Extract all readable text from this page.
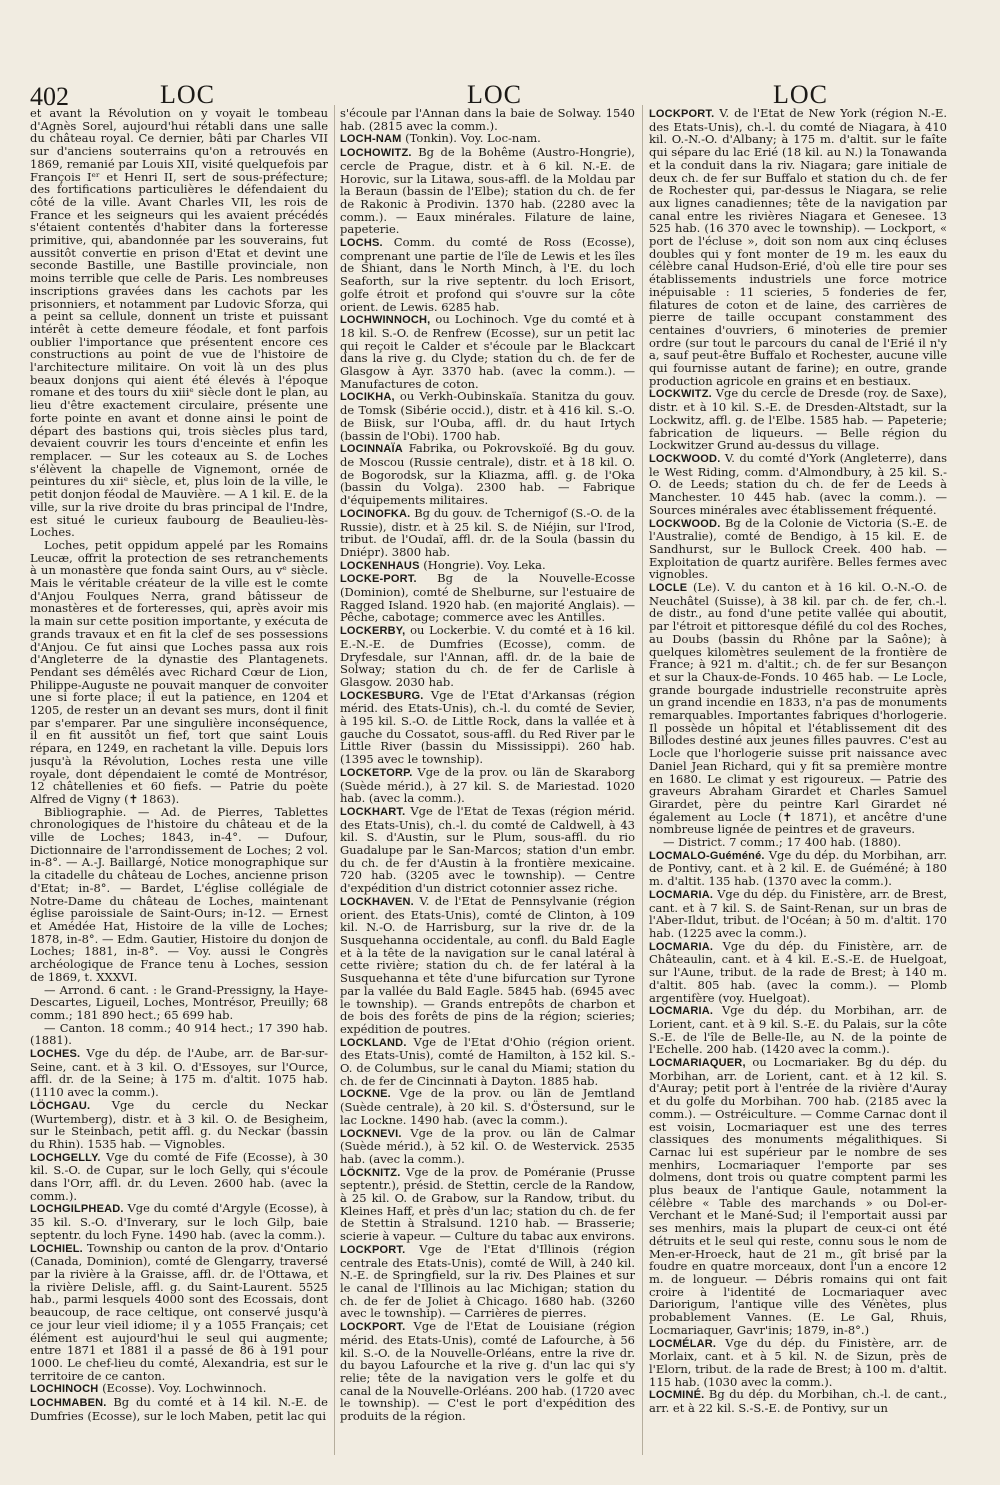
402	LOC	LOC	LOC

et avant la Révolution on y voyait le tombeau d'Agnès Sorel, aujourd'hui rétabli dans une salle du château royal. Ce dernier, bâti par Charles VII sur d'anciens souterrains qu'on a retrouvés en 1869, remanié par Louis XII, visité quelquefois par François Iᵉʳ et Henri II, sert de sous-préfecture; des fortifications particulières le défendaient du côté de la ville. Avant Charles VII, les rois de France et les seigneurs qui les avaient précédés s'étaient contentés d'habiter dans la forteresse primitive, qui, abandonnée par les souverains, fut aussitôt convertie en prison d'Etat et devint une seconde Bastille, une Bastille provinciale, non moins terrible que celle de Paris. Les nombreuses inscriptions gravées dans les cachots par les prisonniers, et notamment par Ludovic Sforza, qui a peint sa cellule, donnent un triste et puissant intérêt à cette demeure féodale, et font parfois oublier l'importance que présentent encore ces constructions au point de vue de l'histoire de l'architecture militaire. On voit là un des plus beaux donjons qui aient été élevés à l'époque romane et des tours du xiiiᵉ siècle dont le plan, au lieu d'être exactement circulaire, présente une forte pointe en avant et donne ainsi le point de départ des bastions qui, trois siècles plus tard, devaient couvrir les tours d'enceinte et enfin les remplacer. — Sur les coteaux au S. de Loches s'élèvent la chapelle de Vignemont, ornée de peintures du xiiᵉ siècle, et, plus loin de la ville, le petit donjon féodal de Mauvière. — A 1 kil. E. de la ville, sur la rive droite du bras principal de l'Indre, est situé le curieux faubourg de Beaulieu-lès-Loches.

Loches, petit oppidum appelé par les Romains Leucæ, offrit la protection de ses retranchements à un monastère que fonda saint Ours, au vᵉ siècle. Mais le véritable créateur de la ville est le comte d'Anjou Foulques Nerra, grand bâtisseur de monastères et de forteresses, qui, après avoir mis la main sur cette position importante, y exécuta de grands travaux et en fit la clef de ses possessions d'Anjou. Ce fut ainsi que Loches passa aux rois d'Angleterre de la dynastie des Plantagenets. Pendant ses démêlés avec Richard Cœur de Lion, Philippe-Auguste ne pouvait manquer de convoiter une si forte place; il eut la patience, en 1204 et 1205, de rester un an devant ses murs, dont il finit par s'emparer. Par une singulière inconséquence, il en fit aussitôt un fief, tort que saint Louis répara, en 1249, en rachetant la ville. Depuis lors jusqu'à la Révolution, Loches resta une ville royale, dont dépendaient le comté de Montrésor, 12 châtellenies et 60 fiefs. — Patrie du poète Alfred de Vigny (✝ 1863).

Bibliographie. — Ad. de Pierres, Tablettes chronologiques de l'histoire du château et de la ville de Loches; 1843, in-4°. — Dufour, Dictionnaire de l'arrondissement de Loches; 2 vol. in-8°. — A.-J. Baillargé, Notice monographique sur la citadelle du château de Loches, ancienne prison d'Etat; in-8°. — Bardet, L'église collégiale de Notre-Dame du château de Loches, maintenant église paroissiale de Saint-Ours; in-12. — Ernest et Amédée Hat, Histoire de la ville de Loches; 1878, in-8°. — Edm. Gautier, Histoire du donjon de Loches; 1881, in-8°. — Voy. aussi le Congrès archéologique de France tenu à Loches, session de 1869, t. XXXVI.

— Arrond. 6 cant. : le Grand-Pressigny, la Haye-Descartes, Ligueil, Loches, Montrésor, Preuilly; 68 comm.; 181 890 hect.; 65 699 hab.

— Canton. 18 comm.; 40 914 hect.; 17 390 hab. (1881).

LOCHES. Vge du dép. de l'Aube, arr. de Bar-sur-Seine, cant. et à 3 kil. O. d'Essoyes, sur l'Ource, affl. dr. de la Seine; à 175 m. d'altit. 1075 hab. (1110 avec la comm.).

LÖCHGAU. Vge du cercle du Neckar (Wurtemberg), distr. et à 3 kil. O. de Besigheim, sur le Steinbach, petit affl. g. du Neckar (bassin du Rhin). 1535 hab. — Vignobles.

LOCHGELLY. Vge du comté de Fife (Ecosse), à 30 kil. S.-O. de Cupar, sur le loch Gelly, qui s'écoule dans l'Orr, affl. dr. du Leven. 2600 hab. (avec la comm.).

LOCHGILPHEAD. Vge du comté d'Argyle (Ecosse), à 35 kil. S.-O. d'Inverary, sur le loch Gilp, baie septentr. du loch Fyne. 1490 hab. (avec la comm.).

LOCHIEL. Township ou canton de la prov. d'Ontario (Canada, Dominion), comté de Glengarry, traversé par la rivière à la Graisse, affl. dr. de l'Ottawa, et la rivière Delisle, affl. g. du Saint-Laurent. 5525 hab., parmi lesquels 4000 sont des Ecossais, dont beaucoup, de race celtique, ont conservé jusqu'à ce jour leur vieil idiome; il y a 1055 Français; cet élément est aujourd'hui le seul qui augmente; entre 1871 et 1881 il a passé de 86 à 191 pour 1000. Le chef-lieu du comté, Alexandria, est sur le territoire de ce canton.

LOCHINOCH (Ecosse). Voy. Lochwinnoch.

LOCHMABEN. Bg du comté et à 14 kil. N.-E. de Dumfries (Ecosse), sur le loch Maben, petit lac qui

s'écoule par l'Annan dans la baie de Solway. 1540 hab. (2815 avec la comm.).

LOCH-NAM (Tonkin). Voy. Loc-nam.

LOCHOWITZ. Bg de la Bohême (Austro-Hongrie), cercle de Prague, distr. et à 6 kil. N.-E. de Horovic, sur la Litawa, sous-affl. de la Moldau par la Beraun (bassin de l'Elbe); station du ch. de fer de Rakonic à Prodivin. 1370 hab. (2280 avec la comm.). — Eaux minérales. Filature de laine, papeterie.

LOCHS. Comm. du comté de Ross (Ecosse), comprenant une partie de l'île de Lewis et les îles de Shiant, dans le North Minch, à l'E. du loch Seaforth, sur la rive septentr. du loch Erisort, golfe étroit et profond qui s'ouvre sur la côte orient. de Lewis. 6285 hab.

LOCHWINNOCH, ou Lochinoch. Vge du comté et à 18 kil. S.-O. de Renfrew (Ecosse), sur un petit lac qui reçoit le Calder et s'écoule par le Blackcart dans la rive g. du Clyde; station du ch. de fer de Glasgow à Ayr. 3370 hab. (avec la comm.). — Manufactures de coton.

LOCIKHA, ou Verkh-Oubinskaïa. Stanitza du gouv. de Tomsk (Sibérie occid.), distr. et à 416 kil. S.-O. de Biisk, sur l'Ouba, affl. dr. du haut Irtych (bassin de l'Obi). 1700 hab.

LOCINNAÏA Fabrika, ou Pokrovskoïé. Bg du gouv. de Moscou (Russie centrale), distr. et à 18 kil. O. de Bogorodsk, sur la Kliazma, affl. g. de l'Oka (bassin du Volga). 2300 hab. — Fabrique d'équipements militaires.

LOCINOFKA. Bg du gouv. de Tchernigof (S.-O. de la Russie), distr. et à 25 kil. S. de Niéjin, sur l'Irod, tribut. de l'Oudaï, affl. dr. de la Soula (bassin du Dniépr). 3800 hab.

LOCKENHAUS (Hongrie). Voy. Leka.

LOCKE-PORT. Bg de la Nouvelle-Ecosse (Dominion), comté de Shelburne, sur l'estuaire de Ragged Island. 1920 hab. (en majorité Anglais). — Pêche, cabotage; commerce avec les Antilles.

LOCKERBY, ou Lockerbie. V. du comté et à 16 kil. E.-N.-E. de Dumfries (Ecosse), comm. de Dryfesdale, sur l'Annan, affl. dr. de la baie de Solway; station du ch. de fer de Carlisle à Glasgow. 2030 hab.

LOCKESBURG. Vge de l'Etat d'Arkansas (région mérid. des Etats-Unis), ch.-l. du comté de Sevier, à 195 kil. S.-O. de Little Rock, dans la vallée et à gauche du Cossatot, sous-affl. du Red River par le Little River (bassin du Mississippi). 260 hab. (1395 avec le township).

LOCKETORP. Vge de la prov. ou län de Skaraborg (Suède mérid.), à 27 kil. S. de Mariestad. 1020 hab. (avec la comm.).

LOCKHART. Vge de l'Etat de Texas (région mérid. des Etats-Unis), ch.-l. du comté de Caldwell, à 43 kil. S. d'Austin, sur le Plum, sous-affl. du rio Guadalupe par le San-Marcos; station d'un embr. du ch. de fer d'Austin à la frontière mexicaine. 720 hab. (3205 avec le township). — Centre d'expédition d'un district cotonnier assez riche.

LOCKHAVEN. V. de l'Etat de Pennsylvanie (région orient. des Etats-Unis), comté de Clinton, à 109 kil. N.-O. de Harrisburg, sur la rive dr. de la Susquehanna occidentale, au confl. du Bald Eagle et à la tête de la navigation sur le canal latéral à cette rivière; station du ch. de fer latéral à la Susquehanna et tête d'une bifurcation sur Tyrone par la vallée du Bald Eagle. 5845 hab. (6945 avec le township). — Grands entrepôts de charbon et de bois des forêts de pins de la région; scieries; expédition de poutres.

LOCKLAND. Vge de l'Etat d'Ohio (région orient. des Etats-Unis), comté de Hamilton, à 152 kil. S.-O. de Columbus, sur le canal du Miami; station du ch. de fer de Cincinnati à Dayton. 1885 hab.

LOCKNE. Vge de la prov. ou län de Jemtland (Suède centrale), à 20 kil. S. d'Östersund, sur le lac Lockne. 1490 hab. (avec la comm.).

LOCKNEVI. Vge de la prov. ou län de Calmar (Suède mérid.), à 52 kil. O. de Westervick. 2535 hab. (avec la comm.).

LÖCKNITZ. Vge de la prov. de Poméranie (Prusse septentr.), présid. de Stettin, cercle de la Randow, à 25 kil. O. de Grabow, sur la Randow, tribut. du Kleines Haff, et près d'un lac; station du ch. de fer de Stettin à Stralsund. 1210 hab. — Brasserie; scierie à vapeur. — Culture du tabac aux environs.

LOCKPORT. Vge de l'Etat d'Illinois (région centrale des Etats-Unis), comté de Will, à 240 kil. N.-E. de Springfield, sur la riv. Des Plaines et sur le canal de l'Illinois au lac Michigan; station du ch. de fer de Joliet à Chicago. 1680 hab. (3260 avec le township). — Carrières de pierres.

LOCKPORT. Vge de l'Etat de Louisiane (région mérid. des Etats-Unis), comté de Lafourche, à 56 kil. S.-O. de la Nouvelle-Orléans, entre la rive dr. du bayou Lafourche et la rive g. d'un lac qui s'y relie; tête de la navigation vers le golfe et du canal de la Nouvelle-Orléans. 200 hab. (1720 avec le township). — C'est le port d'expédition des produits de la région.

LOCKPORT. V. de l'Etat de New York (région N.-E. des Etats-Unis), ch.-l. du comté de Niagara, à 410 kil. O.-N.-O. d'Albany; à 175 m. d'altit. sur le faîte qui sépare du lac Erié (18 kil. au N.) la Tonawanda et la conduit dans la riv. Niagara; gare initiale de deux ch. de fer sur Buffalo et station du ch. de fer de Rochester qui, par-dessus le Niagara, se relie aux lignes canadiennes; tête de la navigation par canal entre les rivières Niagara et Genesee. 13 525 hab. (16 370 avec le township). — Lockport, « port de l'écluse », doit son nom aux cinq écluses doubles qui y font monter de 19 m. les eaux du célèbre canal Hudson-Erié, d'où elle tire pour ses établissements industriels une force motrice inépuisable : 11 scieries, 5 fonderies de fer, filatures de coton et de laine, des carrières de pierre de taille occupant constamment des centaines d'ouvriers, 6 minoteries de premier ordre (sur tout le parcours du canal de l'Erié il n'y a, sauf peut-être Buffalo et Rochester, aucune ville qui fournisse autant de farine); en outre, grande production agricole en grains et en bestiaux.

LOCKWITZ. Vge du cercle de Dresde (roy. de Saxe), distr. et à 10 kil. S.-E. de Dresden-Altstadt, sur la Lockwitz, affl. g. de l'Elbe. 1585 hab. — Papeterie; fabrication de liqueurs. — Belle région du Lockwitzer Grund au-dessus du village.

LOCKWOOD. V. du comté d'York (Angleterre), dans le West Riding, comm. d'Almondbury, à 25 kil. S.-O. de Leeds; station du ch. de fer de Leeds à Manchester. 10 445 hab. (avec la comm.). — Sources minérales avec établissement fréquenté.

LOCKWOOD. Bg de la Colonie de Victoria (S.-E. de l'Australie), comté de Bendigo, à 15 kil. E. de Sandhurst, sur le Bullock Creek. 400 hab. — Exploitation de quartz aurifère. Belles fermes avec vignobles.

LOCLE (Le). V. du canton et à 16 kil. O.-N.-O. de Neuchâtel (Suisse), à 38 kil. par ch. de fer, ch.-l. de distr., au fond d'une petite vallée qui aboutit, par l'étroit et pittoresque défilé du col des Roches, au Doubs (bassin du Rhône par la Saône); à quelques kilomètres seulement de la frontière de France; à 921 m. d'altit.; ch. de fer sur Besançon et sur la Chaux-de-Fonds. 10 465 hab. — Le Locle, grande bourgade industrielle reconstruite après un grand incendie en 1833, n'a pas de monuments remarquables. Importantes fabriques d'horlogerie. Il possède un hôpital et l'établissement dit des Billodes destiné aux jeunes filles pauvres. C'est au Locle que l'horlogerie suisse prit naissance avec Daniel Jean Richard, qui y fit sa première montre en 1680. Le climat y est rigoureux. — Patrie des graveurs Abraham Girardet et Charles Samuel Girardet, père du peintre Karl Girardet né également au Locle (✝ 1871), et ancêtre d'une nombreuse lignée de peintres et de graveurs.

— District. 7 comm.; 17 400 hab. (1880).

LOCMALO-Guéméné. Vge du dép. du Morbihan, arr. de Pontivy, cant. et à 2 kil. E. de Guéméné; à 180 m. d'altit. 135 hab. (1370 avec la comm.).

LOCMARIA. Vge du dép. du Finistère, arr. de Brest, cant. et à 7 kil. S. de Saint-Renan, sur un bras de l'Aber-Ildut, tribut. de l'Océan; à 50 m. d'altit. 170 hab. (1225 avec la comm.).

LOCMARIA. Vge du dép. du Finistère, arr. de Châteaulin, cant. et à 4 kil. E.-S.-E. de Huelgoat, sur l'Aune, tribut. de la rade de Brest; à 140 m. d'altit. 805 hab. (avec la comm.). — Plomb argentifère (voy. Huelgoat).

LOCMARIA. Vge du dép. du Morbihan, arr. de Lorient, cant. et à 9 kil. S.-E. du Palais, sur la côte S.-E. de l'île de Belle-Ile, au N. de la pointe de l'Echelle. 200 hab. (1420 avec la comm.).

LOCMARIAQUER, ou Locmariaker. Bg du dép. du Morbihan, arr. de Lorient, cant. et à 12 kil. S. d'Auray; petit port à l'entrée de la rivière d'Auray et du golfe du Morbihan. 700 hab. (2185 avec la comm.). — Ostréiculture. — Comme Carnac dont il est voisin, Locmariaquer est une des terres classiques des monuments mégalithiques. Si Carnac lui est supérieur par le nombre de ses menhirs, Locmariaquer l'emporte par ses dolmens, dont trois ou quatre comptent parmi les plus beaux de l'antique Gaule, notamment la célèbre « Table des marchands » ou Dol-er-Verchant et le Mané-Sud; il l'emportait aussi par ses menhirs, mais la plupart de ceux-ci ont été détruits et le seul qui reste, connu sous le nom de Men-er-Hroeck, haut de 21 m., gît brisé par la foudre en quatre morceaux, dont l'un a encore 12 m. de longueur. — Débris romains qui ont fait croire à l'identité de Locmariaquer avec Dariorigum, l'antique ville des Vénètes, plus probablement Vannes. (E. Le Gal, Rhuis, Locmariaquer, Gavr'inis; 1879, in-8°.)

LOCMÉLAR. Vge du dép. du Finistère, arr. de Morlaix, cant. et à 5 kil. N. de Sizun, près de l'Elorn, tribut. de la rade de Brest; à 100 m. d'altit. 115 hab. (1030 avec la comm.).

LOCMINÉ. Bg du dép. du Morbihan, ch.-l. de cant., arr. et à 22 kil. S.-S.-E. de Pontivy, sur un
